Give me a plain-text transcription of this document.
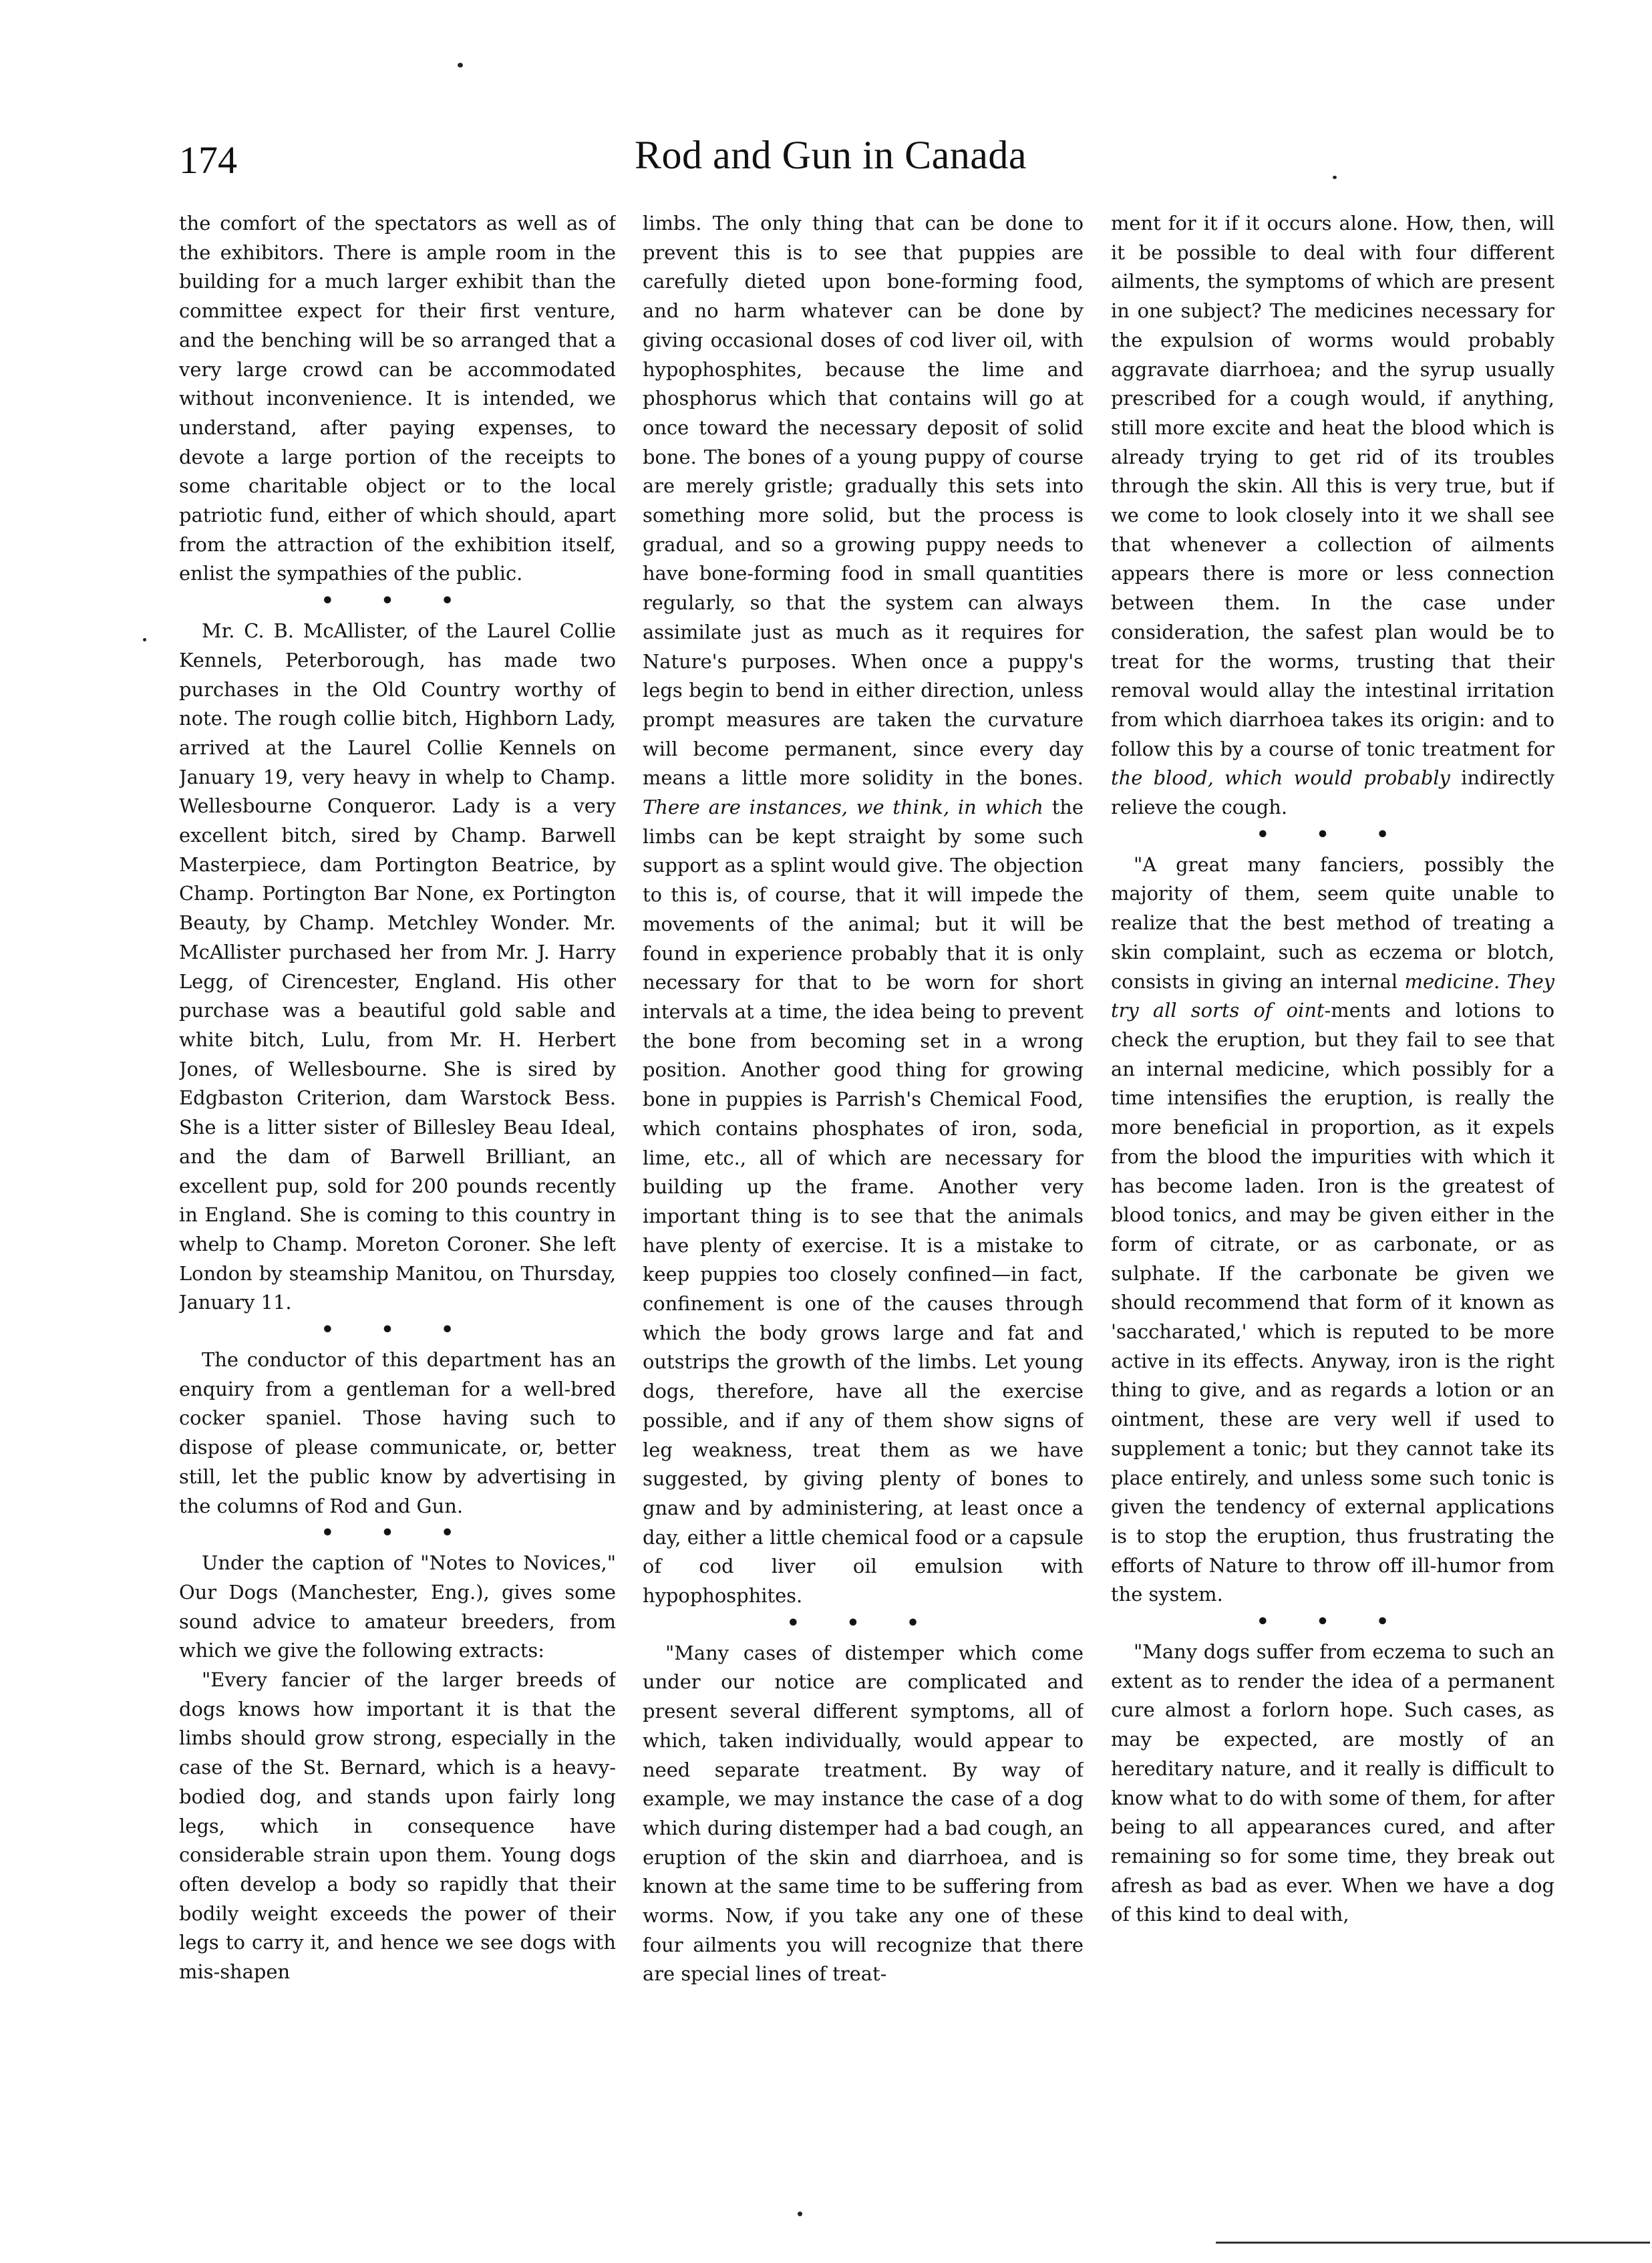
174	Rod and Gun in Canada

the comfort of the spectators as well as of the exhibitors. There is ample room in the building for a much larger exhibit than the committee expect for their first venture, and the benching will be so arranged that a very large crowd can be accommodated without inconvenience. It is intended, we understand, after paying expenses, to devote a large portion of the receipts to some charitable object or to the local patriotic fund, either of which should, apart from the attraction of the exhibition itself, enlist the sympathies of the public.

• • •

Mr. C. B. McAllister, of the Laurel Collie Kennels, Peterborough, has made two purchases in the Old Country worthy of note. The rough collie bitch, Highborn Lady, arrived at the Laurel Collie Kennels on January 19, very heavy in whelp to Champ. Wellesbourne Conqueror. Lady is a very excellent bitch, sired by Champ. Barwell Masterpiece, dam Portington Beatrice, by Champ. Portington Bar None, ex Portington Beauty, by Champ. Metchley Wonder. Mr. McAllister purchased her from Mr. J. Harry Legg, of Cirencester, England. His other purchase was a beautiful gold sable and white bitch, Lulu, from Mr. H. Herbert Jones, of Wellesbourne. She is sired by Edgbaston Criterion, dam Warstock Bess. She is a litter sister of Billesley Beau Ideal, and the dam of Barwell Brilliant, an excellent pup, sold for 200 pounds recently in England. She is coming to this country in whelp to Champ. Moreton Coroner. She left London by steamship Manitou, on Thursday, January 11.

• • •

The conductor of this department has an enquiry from a gentleman for a well-bred cocker spaniel. Those having such to dispose of please communicate, or, better still, let the public know by advertising in the columns of Rod and Gun.

• • •

Under the caption of "Notes to Novices," Our Dogs (Manchester, Eng.), gives some sound advice to amateur breeders, from which we give the following extracts:

"Every fancier of the larger breeds of dogs knows how important it is that the limbs should grow strong, especially in the case of the St. Bernard, which is a heavy-bodied dog, and stands upon fairly long legs, which in consequence have considerable strain upon them. Young dogs often develop a body so rapidly that their bodily weight exceeds the power of their legs to carry it, and hence we see dogs with mis-shapen

limbs. The only thing that can be done to prevent this is to see that puppies are carefully dieted upon bone-forming food, and no harm whatever can be done by giving occasional doses of cod liver oil, with hypophosphites, because the lime and phosphorus which that contains will go at once toward the necessary deposit of solid bone. The bones of a young puppy of course are merely gristle; gradually this sets into something more solid, but the process is gradual, and so a growing puppy needs to have bone-forming food in small quantities regularly, so that the system can always assimilate just as much as it requires for Nature's purposes. When once a puppy's legs begin to bend in either direction, unless prompt measures are taken the curvature will become permanent, since every day means a little more solidity in the bones. There are instances, we think, in which the limbs can be kept straight by some such support as a splint would give. The objection to this is, of course, that it will impede the movements of the animal; but it will be found in experience probably that it is only necessary for that to be worn for short intervals at a time, the idea being to prevent the bone from becoming set in a wrong position. Another good thing for growing bone in puppies is Parrish's Chemical Food, which contains phosphates of iron, soda, lime, etc., all of which are necessary for building up the frame. Another very important thing is to see that the animals have plenty of exercise. It is a mistake to keep puppies too closely confined—in fact, confinement is one of the causes through which the body grows large and fat and outstrips the growth of the limbs. Let young dogs, therefore, have all the exercise possible, and if any of them show signs of leg weakness, treat them as we have suggested, by giving plenty of bones to gnaw and by administering, at least once a day, either a little chemical food or a capsule of cod liver oil emulsion with hypophosphites.

• • •

"Many cases of distemper which come under our notice are complicated and present several different symptoms, all of which, taken individually, would appear to need separate treatment. By way of example, we may instance the case of a dog which during distemper had a bad cough, an eruption of the skin and diarrhoea, and is known at the same time to be suffering from worms. Now, if you take any one of these four ailments you will recognize that there are special lines of treat-

ment for it if it occurs alone. How, then, will it be possible to deal with four different ailments, the symptoms of which are present in one subject? The medicines necessary for the expulsion of worms would probably aggravate diarrhoea; and the syrup usually prescribed for a cough would, if anything, still more excite and heat the blood which is already trying to get rid of its troubles through the skin. All this is very true, but if we come to look closely into it we shall see that whenever a collection of ailments appears there is more or less connection between them. In the case under consideration, the safest plan would be to treat for the worms, trusting that their removal would allay the intestinal irritation from which diarrhoea takes its origin: and to follow this by a course of tonic treatment for the blood, which would probably indirectly relieve the cough.

• • •

"A great many fanciers, possibly the majority of them, seem quite unable to realize that the best method of treating a skin complaint, such as eczema or blotch, consists in giving an internal medicine. They try all sorts of oint-ments and lotions to check the eruption, but they fail to see that an internal medicine, which possibly for a time intensifies the eruption, is really the more beneficial in proportion, as it expels from the blood the impurities with which it has become laden. Iron is the greatest of blood tonics, and may be given either in the form of citrate, or as carbonate, or as sulphate. If the carbonate be given we should recommend that form of it known as 'saccharated,' which is reputed to be more active in its effects. Anyway, iron is the right thing to give, and as regards a lotion or an ointment, these are very well if used to supplement a tonic; but they cannot take its place entirely, and unless some such tonic is given the tendency of external applications is to stop the eruption, thus frustrating the efforts of Nature to throw off ill-humor from the system.

• • •

"Many dogs suffer from eczema to such an extent as to render the idea of a permanent cure almost a forlorn hope. Such cases, as may be expected, are mostly of an hereditary nature, and it really is difficult to know what to do with some of them, for after being to all appearances cured, and after remaining so for some time, they break out afresh as bad as ever. When we have a dog of this kind to deal with,
